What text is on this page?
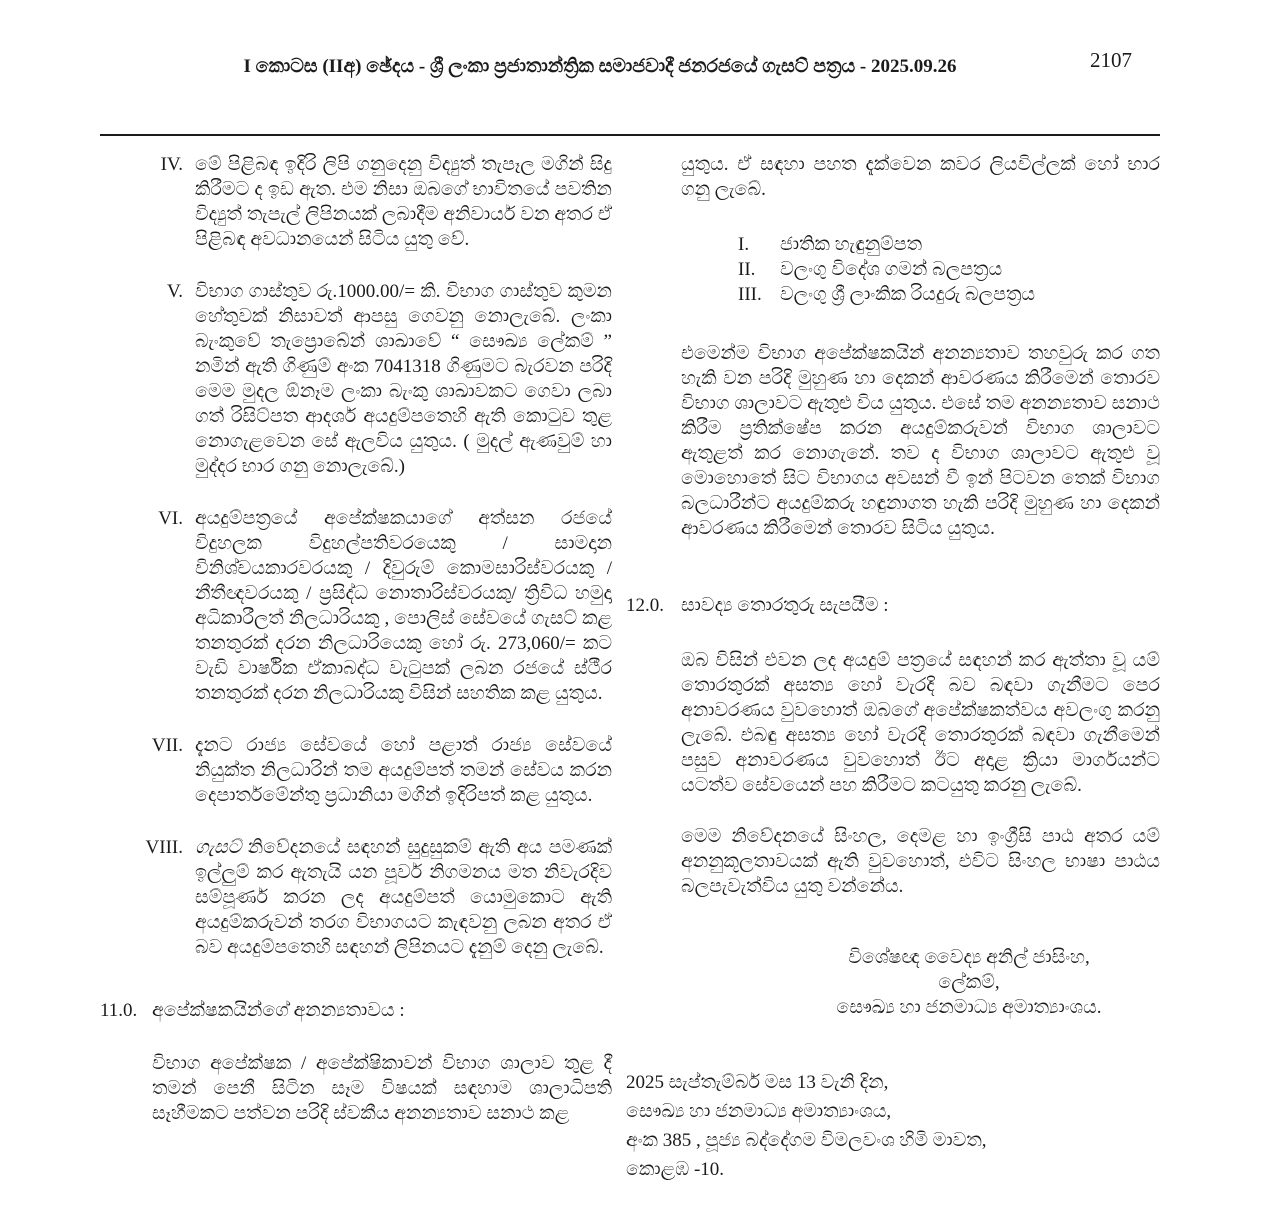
I කොටස (IIඅ) ඡේදය - ශ්‍රී ලංකා ප්‍රජාතාන්ත්‍රික සමාජවාදී ජනරජයේ ගැසට් පත්‍රය - 2025.09.26	2107
IV. මේ පිළිබඳ ඉදිරි ලිපි ගනුදෙනු විද්‍යුත් තැපෑල මගින් සිදු කිරීමට ද ඉඩ ඇත. එම නිසා ඔබගේ භාවිතයේ පවතින විද්‍යුත් තැපැල් ලිපිනයක් ලබාදීම අනිවාර්ය වන අතර ඒ පිළිබඳ අවධානයෙන් සිටිය යුතු වේ.
V. විභාග ගාස්තුව රු.1000.00/= කි. විභාග ගාස්තුව කුමන හේතුවක් නිසාවත් ආපසු ගෙවනු නොලැබේ. ලංකා බැංකුවේ තැප්‍රොබේන් ශාඛාවේ “ සෞඛ්‍ය ලේකම් ” නමින් ඇති ගිණුම් අංක 7041318 ගිණුමට බැරවන පරිදි මෙම මුදල ඕනෑම ලංකා බැංකු ශාඛාවකට ගෙවා ලබා ගත් රිසිට්පත ආදර්ශ අයදුම්පතෙහි ඇති කොටුව තුළ නොගැළවෙන සේ ඇලවිය යුතුය. ( මුදල් ඇණවුම් හා මුද්දර භාර ගනු නොලැබේ.)
VI. අයදුම්පත්‍රයේ අපේක්ෂකයාගේ අත්සන රජයේ විදුහලක විදුහල්පතිවරයෙකු / සාමදාන විනිශ්චයකාරවරයකු / දිවුරුම් කොමසාරිස්වරයකු / නීතීඥවරයකු / ප්‍රසිද්ධ නොතාරිස්වරයකු/ ත්‍රිවිධ හමුදා අධිකාරීලත් නිලධාරියකු , පොලිස් සේවයේ ගැසට් කළ තනතුරක් දරන නිලධාරියෙකු හෝ රු. 273,060/= කට වැඩි වාර්ෂික ඒකාබද්ධ වැටුපක් ලබන රජයේ ස්ථීර තනතුරක් දරන නිලධාරියකු විසින් සහතික කළ යුතුය.
VII. දැනට රාජ්‍ය සේවයේ හෝ පළාත් රාජ්‍ය සේවයේ නියුක්ත නිලධාරින් තම අයදුම්පත් තමන් සේවය කරන දෙපාර්තමේන්තු ප්‍රධානියා මගින් ඉදිරිපත් කළ යුතුය.
VIII. ගැසට් නිවේදනයේ සඳහන් සුදුසුකම් ඇති අය පමණක් ඉල්ලුම් කර ඇතැයි යන පූර්ව නිගමනය මත නිවැරදිව සම්පූර්ණ කරන ලද අයදුම්පත් යොමුකොට ඇති අයදුම්කරුවන් තරග විභාගයට කැඳවනු ලබන අතර ඒ බව අයදුම්පතෙහි සඳහන් ලිපිනයට දැනුම් දෙනු ලැබේ.
11.0. අපේක්ෂකයින්ගේ අනන්‍යතාවය :

විභාග අපේක්ෂක / අපේක්ෂිකාවන් විභාග ශාලාව තුළ දී තමන් පෙනී සිටින සෑම විෂයක් සඳහාම ශාලාධිපති සෑහීමකට පත්වන පරිදි ස්වකීය අනන්‍යතාව සනාථ කළ

යුතුය. ඒ සඳහා පහත දැක්වෙන කවර ලියවිල්ලක් හෝ භාර ගනු ලැබේ.

I.	ජාතික හැඳුනුම්පත
II.	වලංගු විදේශ ගමන් බලපත්‍රය
III. වලංගු ශ්‍රී ලාංකික රියදුරු බලපත්‍රය

එමෙන්ම විභාග අපේක්ෂකයින් අනන්‍යතාව තහවුරු කර ගත හැකි වන පරිදි මුහුණ හා දෙකන් ආවරණය කිරීමෙන් තොරව විභාග ශාලාවට ඇතුළු විය යුතුය. එසේ තම අනන්‍යතාව සනාථ කිරීම ප්‍රතික්ෂේප කරන අයදුම්කරුවන් විභාග ශාලාවට ඇතුළත් කර නොගැනේ. තව ද විභාග ශාලාවට ඇතුළු වූ මොහොතේ සිට විභාගය අවසන් වී ඉන් පිටවන තෙක් විභාග බලධාරීන්ට අයදුම්කරු හඳුනාගත හැකි පරිදි මුහුණ හා දෙකන් ආවරණය කිරීමෙන් තොරව සිටිය යුතුය.

12.0. සාවද්‍ය තොරතුරු සැපයීම :

ඔබ විසින් එවන ලද අයදුම් පත්‍රයේ සඳහන් කර ඇත්තා වූ යම් තොරතුරක් අසත්‍ය හෝ වැරදි බව බඳවා ගැනීමට පෙර අනාවරණය වුවහොත් ඔබගේ අපේක්ෂකත්වය අවලංගු කරනු ලැබේ. එබඳු අසත්‍ය හෝ වැරදි තොරතුරක් බඳවා ගැනීමෙන් පසුව අනාවරණය වුවහොත් ඊට අදාළ ක්‍රියා මාර්ගයන්ට යටත්ව සේවයෙන් පහ කිරීමට කටයුතු කරනු ලැබේ.

මෙම නිවේදනයේ සිංහල, දෙමළ හා ඉංග්‍රීසි පාඨ අතර යම් අනනුකූලතාවයක් ඇති වුවහොත්, එවිට සිංහල භාෂා පාඨය බලපැවැත්විය යුතු වන්නේය.

විශේෂඥ වෛද්‍ය අනිල් ජාසිංහ,
ලේකම්,
සෞඛ්‍ය හා ජනමාධ්‍ය අමාත්‍යාංශය.
2025 සැප්තැම්බර් මස 13 වැනි දින,
සෞඛ්‍ය හා ජනමාධ්‍ය අමාත්‍යාංශය,
අංක 385 , පූජ්‍ය බද්දේගම විමලවංශ හිමි මාවත,
කොළඹ -10.
